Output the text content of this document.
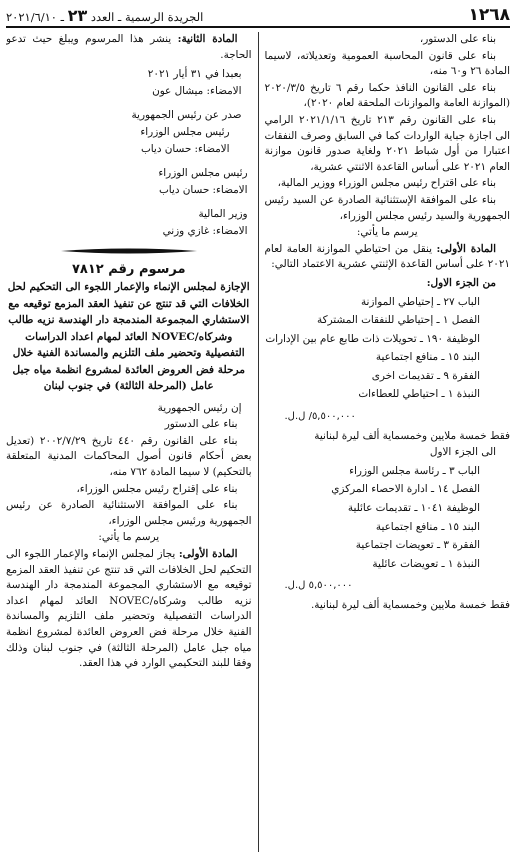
١٢٦٨
الجريدة الرسمية ـ العدد ٢٣ ـ ٢٠٢١/٦/١٠

بناء على الدستور،

بناء على قانون المحاسبة العمومية وتعديلاته، لاسيما المادة ٢٦ و٦٠ منه،

بناء على القانون النافذ حكما رقم ٦ تاريخ ٢٠٢٠/٣/٥ (الموازنة العامة والموازنات الملحقة لعام ٢٠٢٠)،

بناء على القانون رقم ٢١٣ تاريخ ٢٠٢١/١/١٦ الرامي الى اجازة جباية الواردات كما في السابق وصرف النفقات اعتبارا من أول شباط ٢٠٢١ ولغاية صدور قانون موازنة العام ٢٠٢١ على أساس القاعدة الاثنتي عشرية،

بناء على اقتراح رئيس مجلس الوزراء ووزير المالية،

بناء على الموافقة الإستثنائية الصادرة عن السيد رئيس الجمهورية والسيد رئيس مجلس الوزراء،

يرسم ما يأتي:

المادة الأولى: ينقل من احتياطي الموازنة العامة لعام ٢٠٢١ على أساس القاعدة الإثنتي عشرية الاعتماد التالي:

من الجزء الاول:

الباب ٢٧ ـ إحتياطي الموازنة
الفصل ١ ـ إحتياطي للنفقات المشتركة
الوظيفة ١٩٠ ـ تحويلات ذات طابع عام بين الإدارات
البند ١٥ ـ منافع اجتماعية
الفقرة ٩ ـ تقديمات اخرى
النبذة ١ ـ احتياطي للعطاءات

٥,٥٠٠,٠٠٠/ ل.ل.

فقط خمسة ملايين وخمسماية ألف ليرة لبنانية

الى الجزء الاول

الباب ٣ ـ رئاسة مجلس الوزراء
الفصل ١٤ ـ ادارة الاحصاء المركزي
الوظيفة ١٠٤١ ـ تقديمات عائلية
البند ١٥ ـ منافع اجتماعية
الفقرة ٣ ـ تعويضات اجتماعية
النبذة ١ ـ تعويضات عائلية

٥,٥٠٠,٠٠٠ ل.ل.

فقط خمسة ملايين وخمسماية ألف ليرة لبنانية.

المادة الثانية: ينشر هذا المرسوم ويبلغ حيث تدعو الحاجة.

بعبدا في ٣١ أيار ٢٠٢١

الامضاء: ميشال عون

صدر عن رئيس الجمهورية

رئيس مجلس الوزراء

الامضاء: حسان دياب

رئيس مجلس الوزراء

الامضاء: حسان دياب

وزير المالية

الامضاء: غازي وزني

مرسوم رقم ٧٨١٢

الإجازة لمجلس الإنماء والإعمار اللجوء الى التحكيم لحل الخلافات التي قد تنتج عن تنفيذ العقد المزمع توقيعه مع الاستشاري المجموعة المندمجة دار الهندسة نزيه طالب وشركاه/NOVEC العائد لمهام اعداد الدراسات التفصيلية وتحضير ملف التلزيم والمساندة الفنية خلال مرحلة فض العروض العائدة لمشروع انظمة مياه جبل عامل (المرحلة الثالثة) في جنوب لبنان

إن رئيس الجمهورية

بناء على الدستور

بناء على القانون رقم ٤٤٠ تاريخ ٢٠٠٢/٧/٢٩ (تعديل بعض أحكام قانون أصول المحاكمات المدنية المتعلقة بالتحكيم) لا سيما المادة ٧٦٢ منه،

بناء على إقتراح رئيس مجلس الوزراء،

بناء على الموافقة الاستثنائية الصادرة عن رئيس الجمهورية ورئيس مجلس الوزراء،

يرسم ما يأتي:

المادة الأولى: يجاز لمجلس الإنماء والإعمار اللجوء الى التحكيم لحل الخلافات التي قد تنتج عن تنفيذ العقد المزمع توقيعه مع الاستشاري المجموعة المندمجة دار الهندسة نزيه طالب وشركاه/NOVEC العائد لمهام اعداد الدراسات التفصيلية وتحضير ملف التلزيم والمساندة الفنية خلال مرحلة فض العروض العائدة لمشروع انظمة مياه جبل عامل (المرحلة الثالثة) في جنوب لبنان وذلك وفقا للبند التحكيمي الوارد في هذا العقد.
